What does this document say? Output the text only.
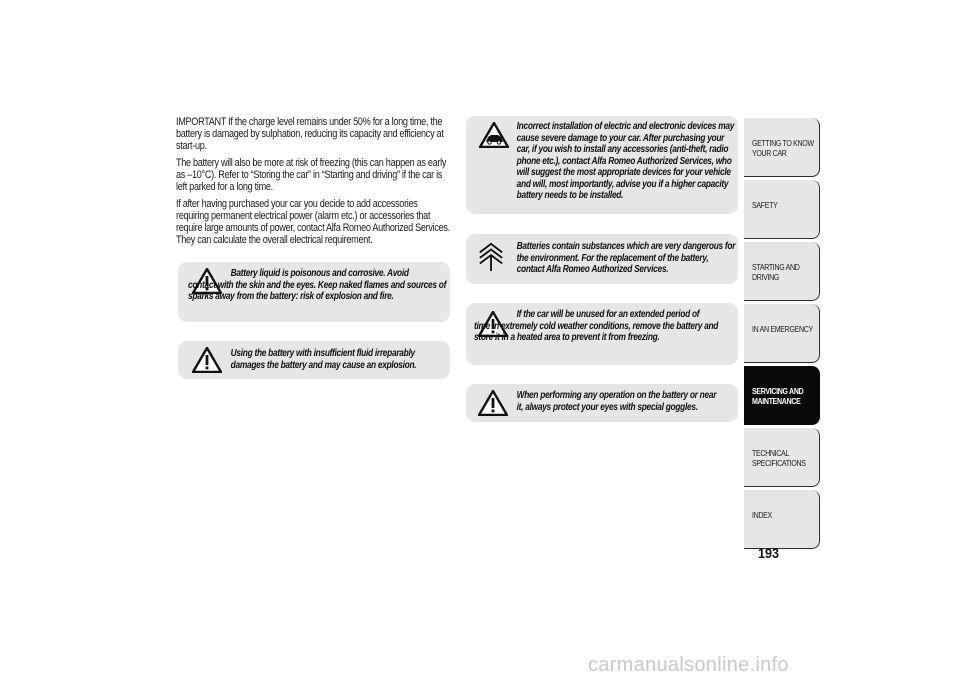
IMPORTANT If the charge level remains under 50% for a long time, the battery is damaged by sulphation, reducing its capacity and efficiency at start-up.

The battery will also be more at risk of freezing (this can happen as early as –10°C). Refer to “Storing the car” in “Starting and driving” if the car is left parked for a long time.

If after having purchased your car you decide to add accessories requiring permanent electrical power (alarm etc.) or accessories that require large amounts of power, contact Alfa Romeo Authorized Services. They can calculate the overall electrical requirement.

Battery liquid is poisonous and corrosive. Avoid
contact with the skin and the eyes. Keep naked flames and sources of sparks away from the battery: risk of explosion and fire.
Using the battery with insufficient fluid irreparably
damages the battery and may cause an explosion.
Incorrect installation of electric and electronic devices may
cause severe damage to your car. After purchasing your car, if you wish to install any accessories (anti-theft, radio phone etc.), contact Alfa Romeo Authorized Services, who will suggest the most appropriate devices for your vehicle and will, most importantly, advise you if a higher capacity battery needs to be installed.
Batteries contain substances which are very dangerous for
the environment. For the replacement of the battery, contact Alfa Romeo Authorized Services.
If the car will be unused for an extended period of
time in extremely cold weather conditions, remove the battery and store it in a heated area to prevent it from freezing.
When performing any operation on the battery or near
it, always protect your eyes with special goggles.
GETTING TO KNOW YOUR CAR
SAFETY
STARTING AND DRIVING
IN AN EMERGENCY
SERVICING AND MAINTENANCE
TECHNICAL SPECIFICATIONS
INDEX
193
carmanualsonline.info
